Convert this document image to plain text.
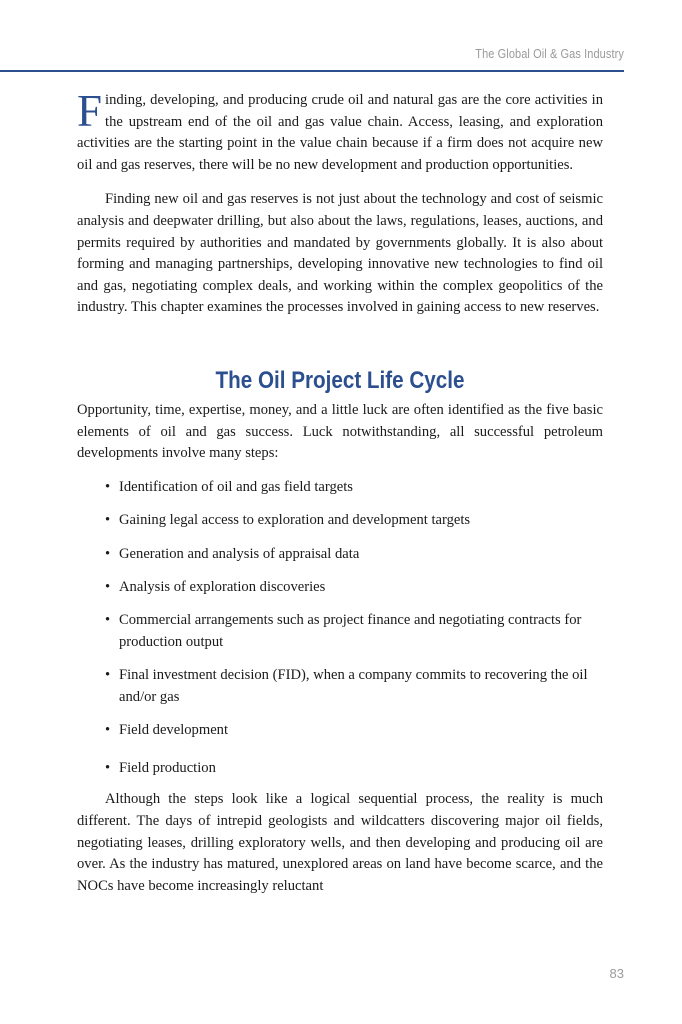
The Global Oil & Gas Industry

Finding, developing, and producing crude oil and natural gas are the core activities in the upstream end of the oil and gas value chain. Access, leasing, and exploration activities are the starting point in the value chain because if a firm does not acquire new oil and gas reserves, there will be no new development and production opportunities.

Finding new oil and gas reserves is not just about the technology and cost of seismic analysis and deepwater drilling, but also about the laws, regulations, leases, auctions, and permits required by authorities and mandated by governments globally. It is also about forming and managing partnerships, developing innovative new technologies to find oil and gas, negotiating complex deals, and working within the complex geopolitics of the industry. This chapter examines the processes involved in gaining access to new reserves.

The Oil Project Life Cycle

Opportunity, time, expertise, money, and a little luck are often identified as the five basic elements of oil and gas success. Luck notwithstanding, all successful petroleum developments involve many steps:

• Identification of oil and gas field targets
• Gaining legal access to exploration and development targets
• Generation and analysis of appraisal data
• Analysis of exploration discoveries
• Commercial arrangements such as project finance and negotiating contracts for production output
• Final investment decision (FID), when a company commits to recovering the oil and/or gas
• Field development
• Field production

Although the steps look like a logical sequential process, the reality is much different. The days of intrepid geologists and wildcatters discovering major oil fields, negotiating leases, drilling exploratory wells, and then developing and producing oil are over. As the industry has matured, unexplored areas on land have become scarce, and the NOCs have become increasingly reluctant

83
